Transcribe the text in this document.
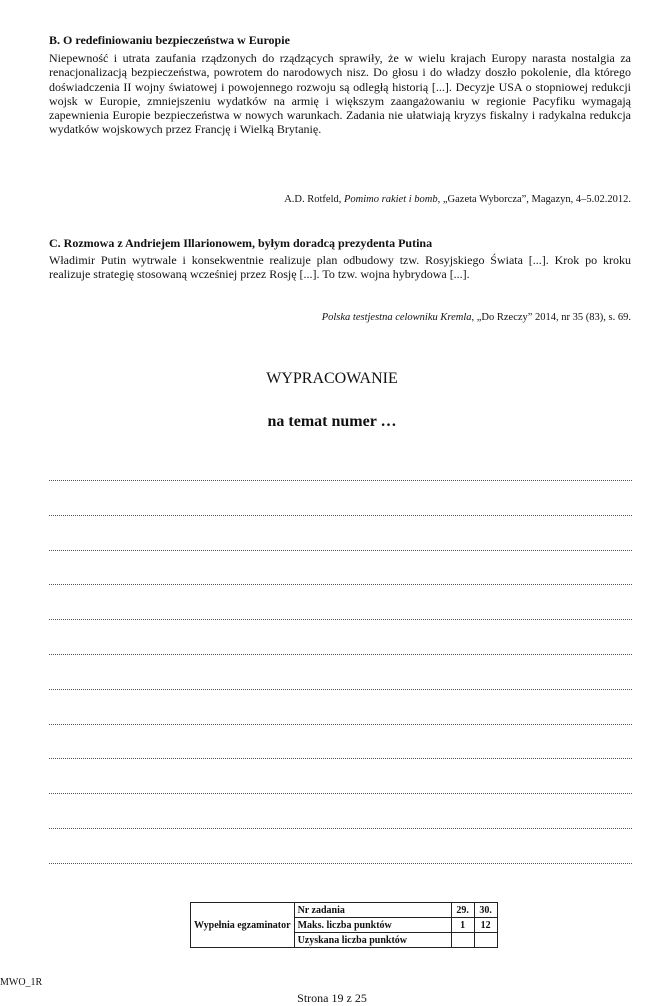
B. O redefiniowaniu bezpieczeństwa w Europie

Niepewność i utrata zaufania rządzonych do rządzących sprawiły, że w wielu krajach Europy narasta nostalgia za renacjonalizacją bezpieczeństwa, powrotem do narodowych nisz. Do głosu i do władzy doszło pokolenie, dla którego doświadczenia II wojny światowej i powojennego rozwoju są odległą historią [...]. Decyzje USA o stopniowej redukcji wojsk w Europie, zmniejszeniu wydatków na armię i większym zaangażowaniu w regionie Pacyfiku wymagają zapewnienia Europie bezpieczeństwa w nowych warunkach. Zadania nie ułatwiają kryzys fiskalny i radykalna redukcja wydatków wojskowych przez Francję i Wielką Brytanię.

A.D. Rotfeld, Pomimo rakiet i bomb, „Gazeta Wyborcza”, Magazyn, 4–5.02.2012.
C. Rozmowa z Andriejem Illarionowem, byłym doradcą prezydenta Putina

Władimir Putin wytrwale i konsekwentnie realizuje plan odbudowy tzw. Rosyjskiego Świata [...]. Krok po kroku realizuje strategię stosowaną wcześniej przez Rosję [...]. To tzw. wojna hybrydowa [...].

Polska testjestna celowniku Kremla, „Do Rzeczy” 2014, nr 35 (83), s. 69.
WYPRACOWANIE
na temat numer …
Wypełnia egzaminator	Nr zadania	29.	30.
	Maks. liczba punktów	1	12
	Uzyskana liczba punktów		
MWO_1R
Strona 19 z 25
